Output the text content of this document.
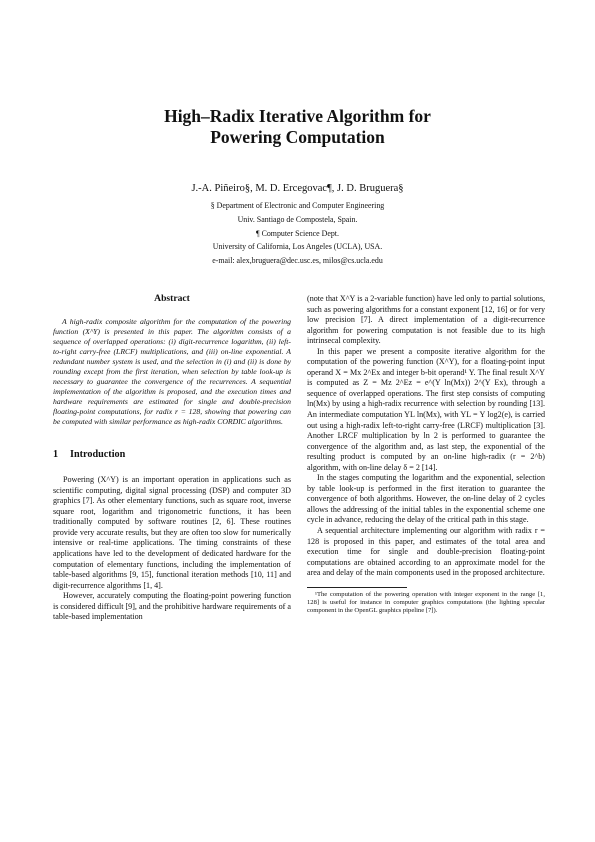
High–Radix Iterative Algorithm for
Powering Computation
J.-A. Piñeiro§, M. D. Ercegovac¶, J. D. Bruguera§
§ Department of Electronic and Computer Engineering
Univ. Santiago de Compostela, Spain.
¶ Computer Science Dept.
University of California, Los Angeles (UCLA), USA.
e-mail: alex,bruguera@dec.usc.es, milos@cs.ucla.edu
Abstract

A high-radix composite algorithm for the computation of the powering function (X^Y) is presented in this paper. The algorithm consists of a sequence of overlapped operations: (i) digit-recurrence logarithm, (ii) left-to-right carry-free (LRCF) multiplications, and (iii) on-line exponential. A redundant number system is used, and the selection in (i) and (ii) is done by rounding except from the first iteration, when selection by table look-up is necessary to guarantee the convergence of the recurrences. A sequential implementation of the algorithm is proposed, and the execution times and hardware requirements are estimated for single and double-precision floating-point computations, for radix r = 128, showing that powering can be computed with similar performance as high-radix CORDIC algorithms.

1 Introduction

Powering (X^Y) is an important operation in applications such as scientific computing, digital signal processing (DSP) and computer 3D graphics [7]. As other elementary functions, such as square root, inverse square root, logarithm and trigonometric functions, it has been traditionally computed by software routines [2, 6]. These routines provide very accurate results, but they are often too slow for numerically intensive or real-time applications. The timing constraints of these applications have led to the development of dedicated hardware for the computation of elementary functions, including the implementation of table-based algorithms [9, 15], functional iteration methods [10, 11] and digit-recurrence algorithms [1, 4].

However, accurately computing the floating-point powering function is considered difficult [9], and the prohibitive hardware requirements of a table-based implementation

(note that X^Y is a 2-variable function) have led only to partial solutions, such as powering algorithms for a constant exponent [12, 16] or for very low precision [7]. A direct implementation of a digit-recurrence algorithm for powering computation is not feasible due to its high intrinsecal complexity.

In this paper we present a composite iterative algorithm for the computation of the powering function (X^Y), for a floating-point input operand X = Mx 2^Ex and integer b-bit operand¹ Y. The final result X^Y is computed as Z = Mz 2^Ez = e^(Y ln(Mx)) 2^(Y Ex), through a sequence of overlapped operations. The first step consists of computing ln(Mx) by using a high-radix recurrence with selection by rounding [13]. An intermediate computation YL ln(Mx), with YL = Y log2(e), is carried out using a high-radix left-to-right carry-free (LRCF) multiplication [3]. Another LRCF multiplication by ln 2 is performed to guarantee the convergence of the algorithm and, as last step, the exponential of the resulting product is computed by an on-line high-radix (r = 2^b) algorithm, with on-line delay δ = 2 [14].

In the stages computing the logarithm and the exponential, selection by table look-up is performed in the first iteration to guarantee the convergence of both algorithms. However, the on-line delay of 2 cycles allows the addressing of the initial tables in the exponential scheme one cycle in advance, reducing the delay of the critical path in this stage.

A sequential architecture implementing our algorithm with radix r = 128 is proposed in this paper, and estimates of the total area and execution time for single and double-precision floating-point computations are obtained according to an approximate model for the area and delay of the main components used in the proposed architecture.

¹The computation of the powering operation with integer exponent in the range [1, 128] is useful for instance in computer graphics computations (the lighting specular component in the OpenGL graphics pipeline [7]).
